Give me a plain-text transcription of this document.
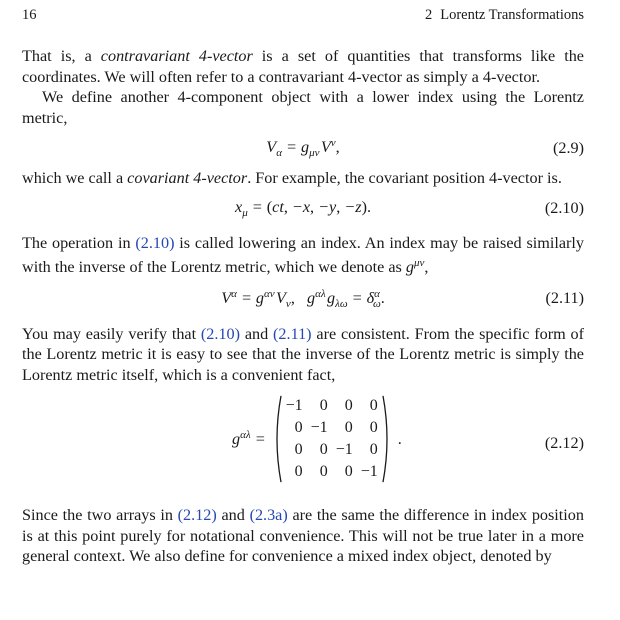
16	2 Lorentz Transformations

That is, a contravariant 4-vector is a set of quantities that transforms like the coordinates. We will often refer to a contravariant 4-vector as simply a 4-vector.

We define another 4-component object with a lower index using the Lorentz metric,

$V_\alpha = g_{\mu\nu}$ $V^\nu$,	(2.9)

which we call a covariant 4-vector. For example, the covariant position 4-vector is.

$x_\mu = (ct$, −x, −y, −z).	(2.10)

The operation in (2.10) is called lowering an index. An index may be raised similarly with the inverse of the Lorentz metric, which we denote as $g^{\mu\nu}$,

$V^\alpha = g^{\alpha\nu}$ $V_\nu$,   $g^{\alpha\lambda}$ $g_{\lambda\omega} = \delta^\alpha_\omega$.	(2.11)

You may easily verify that (2.10) and (2.11) are consistent. From the specific form of the Lorentz metric it is easy to see that the inverse of the Lorentz metric is simply the Lorentz metric itself, which is a convenient fact,

$g^{\alpha\lambda}$ =
−1	0	0	0
0	−1	0	0
0	0	−1	0
0	0	0	−1
.	(2.12)

Since the two arrays in (2.12) and (2.3a) are the same the difference in index position is at this point purely for notational convenience. This will not be true later in a more general context. We also define for convenience a mixed index object, denoted by
